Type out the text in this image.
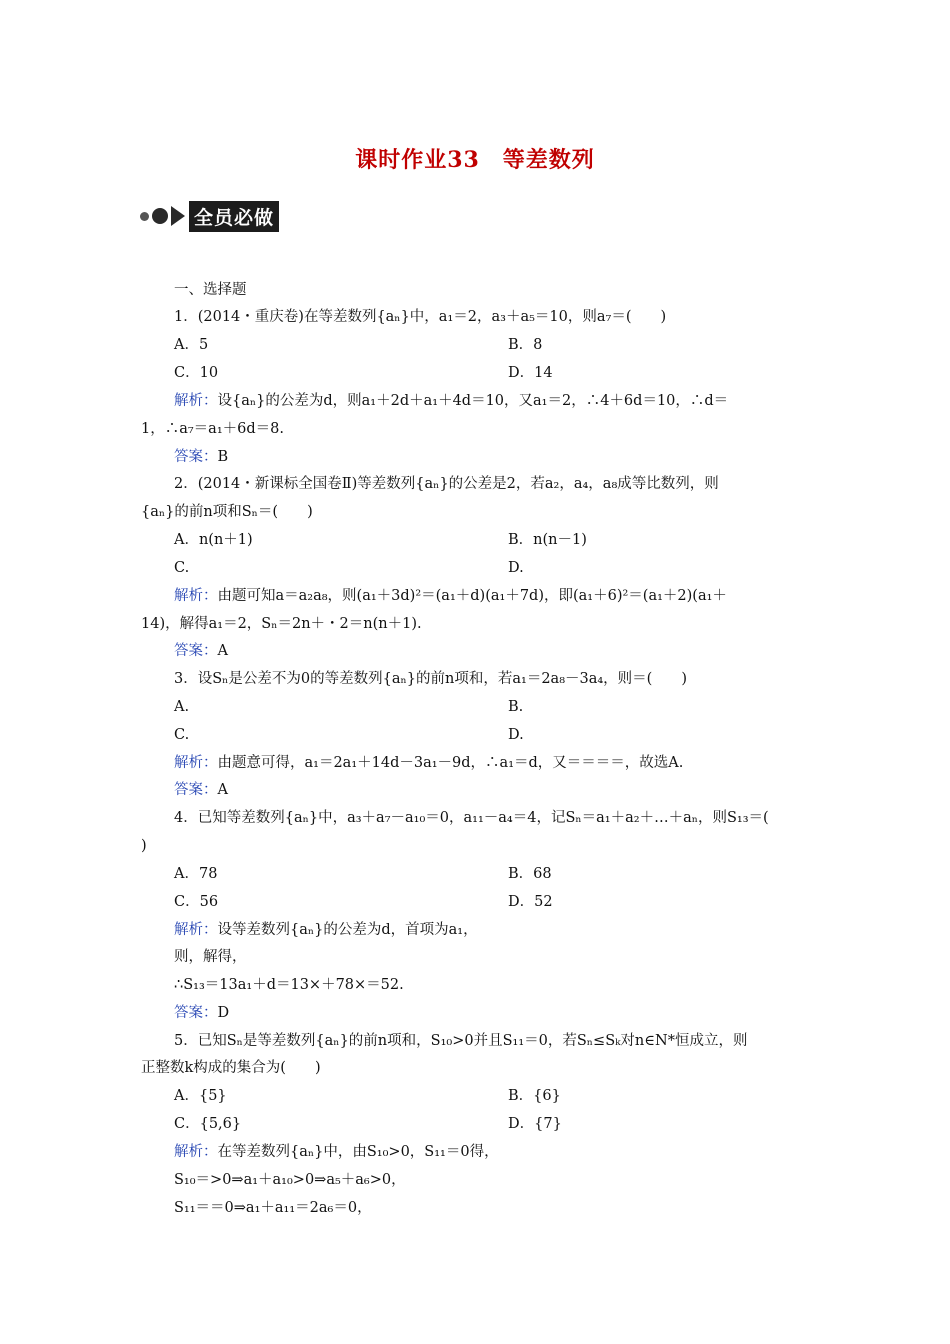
课时作业33　等差数列
全员必做
一、选择题
1．(2014・重庆卷)在等差数列{aₙ}中，a₁＝2，a₃＋a₅＝10，则a₇＝(　　)
A．5	B．8
C．10	D．14
解析：设{aₙ}的公差为d，则a₁＋2d＋a₁＋4d＝10，又a₁＝2，∴4＋6d＝10，∴d＝
1，∴a₇＝a₁＋6d＝8.
答案：B
2．(2014・新课标全国卷Ⅱ)等差数列{aₙ}的公差是2，若a₂，a₄，a₈成等比数列，则
{aₙ}的前n项和Sₙ＝(　　)
A．n(n＋1)	B．n(n－1)
C.	D.
解析：由题可知a＝a₂a₈，则(a₁＋3d)²＝(a₁＋d)(a₁＋7d)，即(a₁＋6)²＝(a₁＋2)(a₁＋
14)，解得a₁＝2，Sₙ＝2n＋・2＝n(n＋1).
答案：A
3．设Sₙ是公差不为0的等差数列{aₙ}的前n项和，若a₁＝2a₈－3a₄，则＝(　　)
A.	B.
C.	D.
解析：由题意可得，a₁＝2a₁＋14d－3a₁－9d，∴a₁＝d，又＝＝＝＝，故选A.
答案：A
4．已知等差数列{aₙ}中，a₃＋a₇－a₁₀＝0，a₁₁－a₄＝4，记Sₙ＝a₁＋a₂＋…＋aₙ，则S₁₃＝(
)
A．78	B．68
C．56	D．52
解析：设等差数列{aₙ}的公差为d，首项为a₁，
则，解得，
∴S₁₃＝13a₁＋d＝13×＋78×＝52.
答案：D
5．已知Sₙ是等差数列{aₙ}的前n项和，S₁₀>0并且S₁₁＝0，若Sₙ≤Sₖ对n∈N*恒成立，则
正整数k构成的集合为(　　)
A．{5}	B．{6}
C．{5,6}	D．{7}
解析：在等差数列{aₙ}中，由S₁₀>0，S₁₁＝0得，
S₁₀＝>0⇒a₁＋a₁₀>0⇒a₅＋a₆>0，
S₁₁＝＝0⇒a₁＋a₁₁＝2a₆＝0，
